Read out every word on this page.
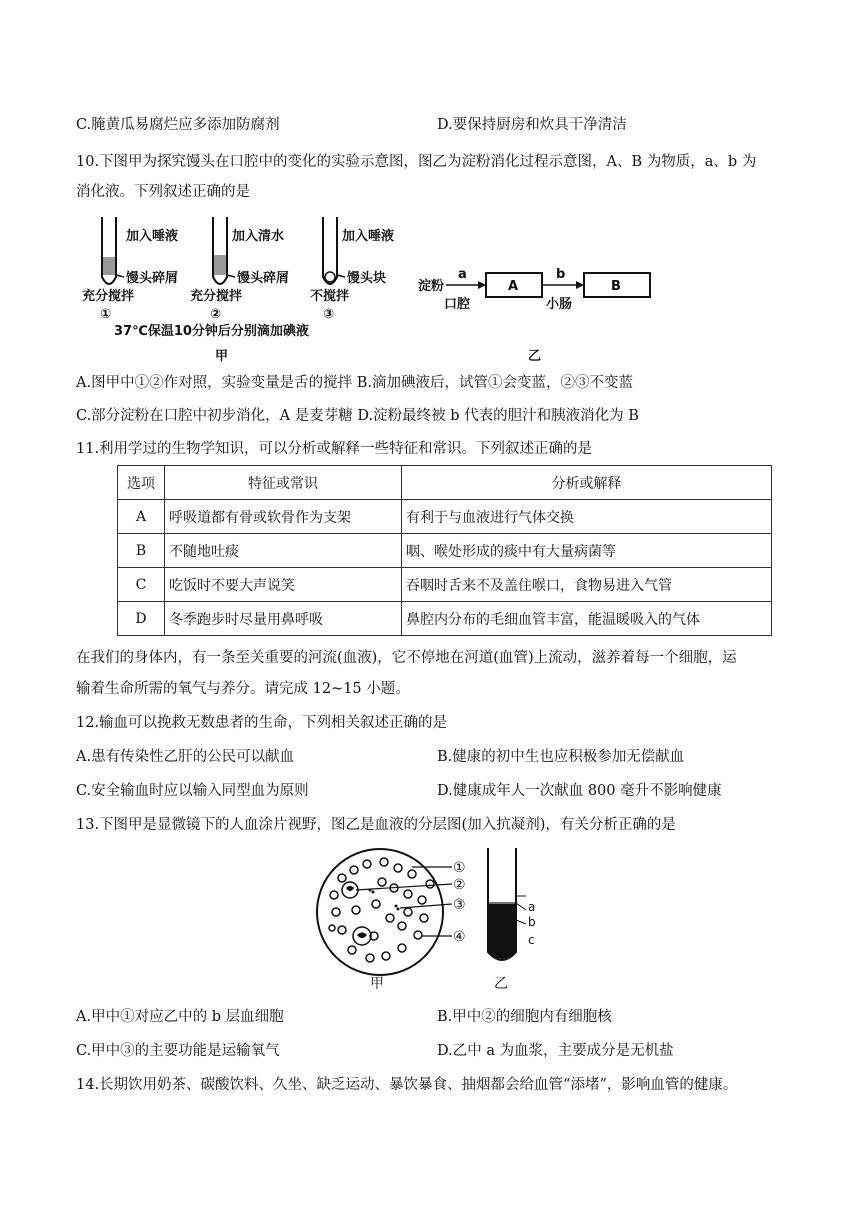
C.腌黄瓜易腐烂应多添加防腐剂	D.要保持厨房和炊具干净清洁
10.下图甲为探究馒头在口腔中的变化的实验示意图，图乙为淀粉消化过程示意图，A、B 为物质，a、b 为
消化液。下列叙述正确的是
加入唾液
馒头碎屑
充分搅拌
①
加入清水
馒头碎屑
充分搅拌
②
加入唾液
馒头块
不搅拌
③
37℃保温10分钟后分别滴加碘液
甲
淀粉
a
口腔
A
b
小肠
B
乙
A.图甲中①②作对照，实验变量是舌的搅拌 B.滴加碘液后，试管①会变蓝，②③不变蓝
C.部分淀粉在口腔中初步消化，A 是麦芽糖 D.淀粉最终被 b 代表的胆汁和胰液消化为 B
11.利用学过的生物学知识，可以分析或解释一些特征和常识。下列叙述正确的是
选项	特征或常识	分析或解释
A	呼吸道都有骨或软骨作为支架	有利于与血液进行气体交换
B	不随地吐痰	咽、喉处形成的痰中有大量病菌等
C	吃饭时不要大声说笑	吞咽时舌来不及盖住喉口，食物易进入气管
D	冬季跑步时尽量用鼻呼吸	鼻腔内分布的毛细血管丰富，能温暖吸入的气体
在我们的身体内，有一条至关重要的河流(血液)，它不停地在河道(血管)上流动，滋养着每一个细胞，运
输着生命所需的氧气与养分。请完成 12~15 小题。
12.输血可以挽救无数患者的生命，下列相关叙述正确的是
A.患有传染性乙肝的公民可以献血	B.健康的初中生也应积极参加无偿献血
C.安全输血时应以输入同型血为原则	D.健康成年人一次献血 800 毫升不影响健康
13.下图甲是显微镜下的人血涂片视野，图乙是血液的分层图(加入抗凝剂)，有关分析正确的是
①
②
③
④
甲
a
b
c
乙
A.甲中①对应乙中的 b 层血细胞	B.甲中②的细胞内有细胞核
C.甲中③的主要功能是运输氧气	D.乙中 a 为血浆，主要成分是无机盐
14.长期饮用奶茶、碳酸饮料、久坐、缺乏运动、暴饮暴食、抽烟都会给血管“添堵”，影响血管的健康。
